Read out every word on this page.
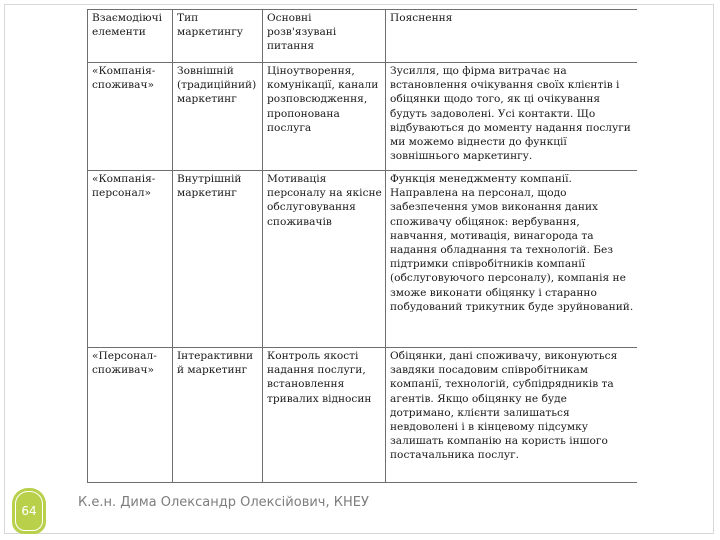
Взаємодіючі елементи	Тип маркетингу	Основні розв'язувані питання	Пояснення
«Компанія-споживач»	Зовнішній (традиційний) маркетинг	Ціноутворення, комунікації, канали розповсюдження, пропонована послуга	Зусилля, що фірма витрачає на встановлення очікування своїх клієнтів і обіцянки щодо того, як ці очікування будуть задоволені. Усі контакти. Що відбуваються до моменту надання послуги ми можемо віднести до функції зовнішнього маркетингу.
«Компанія-персонал»	Внутрішній маркетинг	Мотивація персоналу на якісне обслуговування споживачів	Функція менеджменту компанії. Направлена на персонал, щодо забезпечення умов виконання даних споживачу обіцянок: вербування, навчання, мотивація, винагорода та надання обладнання та технологій. Без підтримки співробітників компанії (обслуговуючого персоналу), компанія не зможе виконати обіцянку і старанно побудований трикутник буде зруйнований.
«Персонал-споживач»	Інтерактивний маркетинг	Контроль якості надання послуги, встановлення тривалих відносин	Обіцянки, дані споживачу, виконуються завдяки посадовим співробітникам компанії, технологій, субпідрядників та агентів. Якщо обіцянку не буде дотримано, клієнти залишаться невдоволені і в кінцевому підсумку залишать компанію на користь іншого постачальника послуг.
64
К.е.н. Дима Олександр Олексійович, КНЕУ
